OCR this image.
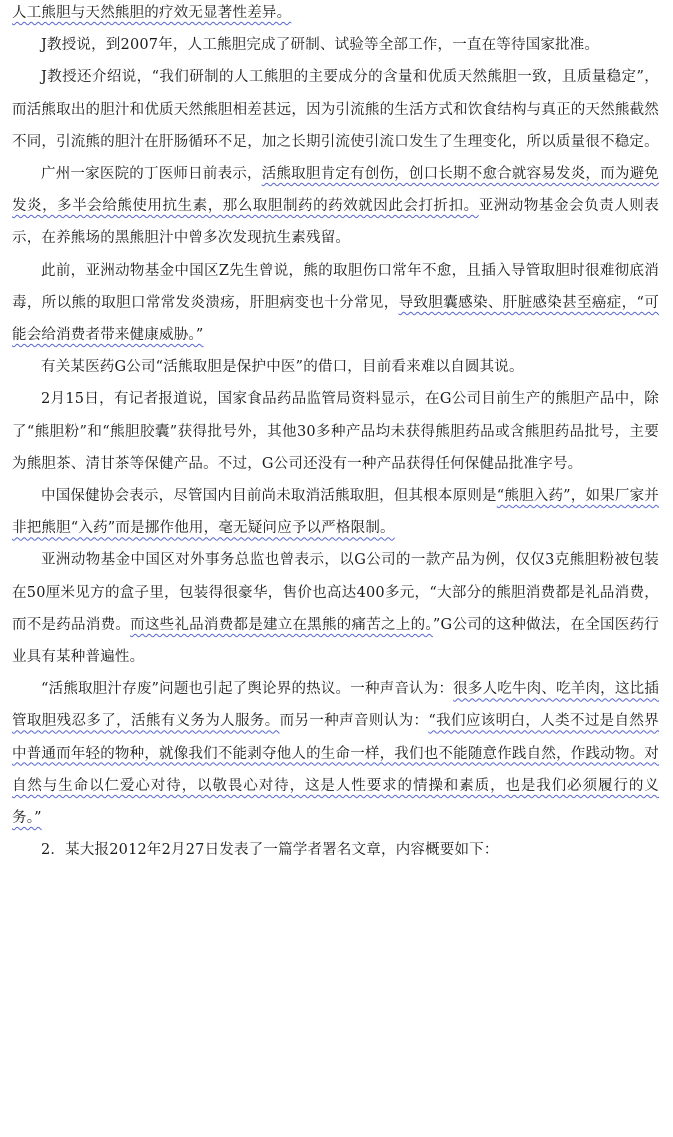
人工熊胆与天然熊胆的疗效无显著性差异。

J教授说，到2007年，人工熊胆完成了研制、试验等全部工作，一直在等待国家批准。

J教授还介绍说，“我们研制的人工熊胆的主要成分的含量和优质天然熊胆一致，且质量稳定”，而活熊取出的胆汁和优质天然熊胆相差甚远，因为引流熊的生活方式和饮食结构与真正的天然熊截然不同，引流熊的胆汁在肝肠循环不足，加之长期引流使引流口发生了生理变化，所以质量很不稳定。

广州一家医院的丁医师日前表示，活熊取胆肯定有创伤，创口长期不愈合就容易发炎，而为避免发炎，多半会给熊使用抗生素，那么取胆制药的药效就因此会打折扣。亚洲动物基金会负责人则表示，在养熊场的黑熊胆汁中曾多次发现抗生素残留。

此前，亚洲动物基金中国区Z先生曾说，熊的取胆伤口常年不愈，且插入导管取胆时很难彻底消毒，所以熊的取胆口常常发炎溃疡，肝胆病变也十分常见，导致胆囊感染、肝脏感染甚至癌症，“可能会给消费者带来健康威胁。”

有关某医药G公司“活熊取胆是保护中医”的借口，目前看来难以自圆其说。

2月15日，有记者报道说，国家食品药品监管局资料显示，在G公司目前生产的熊胆产品中，除了“熊胆粉”和“熊胆胶囊”获得批号外，其他30多种产品均未获得熊胆药品或含熊胆药品批号，主要为熊胆茶、清甘茶等保健产品。不过，G公司还没有一种产品获得任何保健品批准字号。

中国保健协会表示，尽管国内目前尚未取消活熊取胆，但其根本原则是“熊胆入药”，如果厂家并非把熊胆“入药”而是挪作他用，毫无疑问应予以严格限制。

亚洲动物基金中国区对外事务总监也曾表示，以G公司的一款产品为例，仅仅3克熊胆粉被包装在50厘米见方的盒子里，包装得很豪华，售价也高达400多元，“大部分的熊胆消费都是礼品消费，而不是药品消费。而这些礼品消费都是建立在黑熊的痛苦之上的。”G公司的这种做法，在全国医药行业具有某种普遍性。

“活熊取胆汁存废”问题也引起了舆论界的热议。一种声音认为：很多人吃牛肉、吃羊肉，这比插管取胆残忍多了，活熊有义务为人服务。而另一种声音则认为：“我们应该明白，人类不过是自然界中普通而年轻的物种，就像我们不能剥夺他人的生命一样，我们也不能随意作践自然，作践动物。对自然与生命以仁爱心对待，以敬畏心对待，这是人性要求的情操和素质，也是我们必须履行的义务。”

2．某大报2012年2月27日发表了一篇学者署名文章，内容概要如下：
